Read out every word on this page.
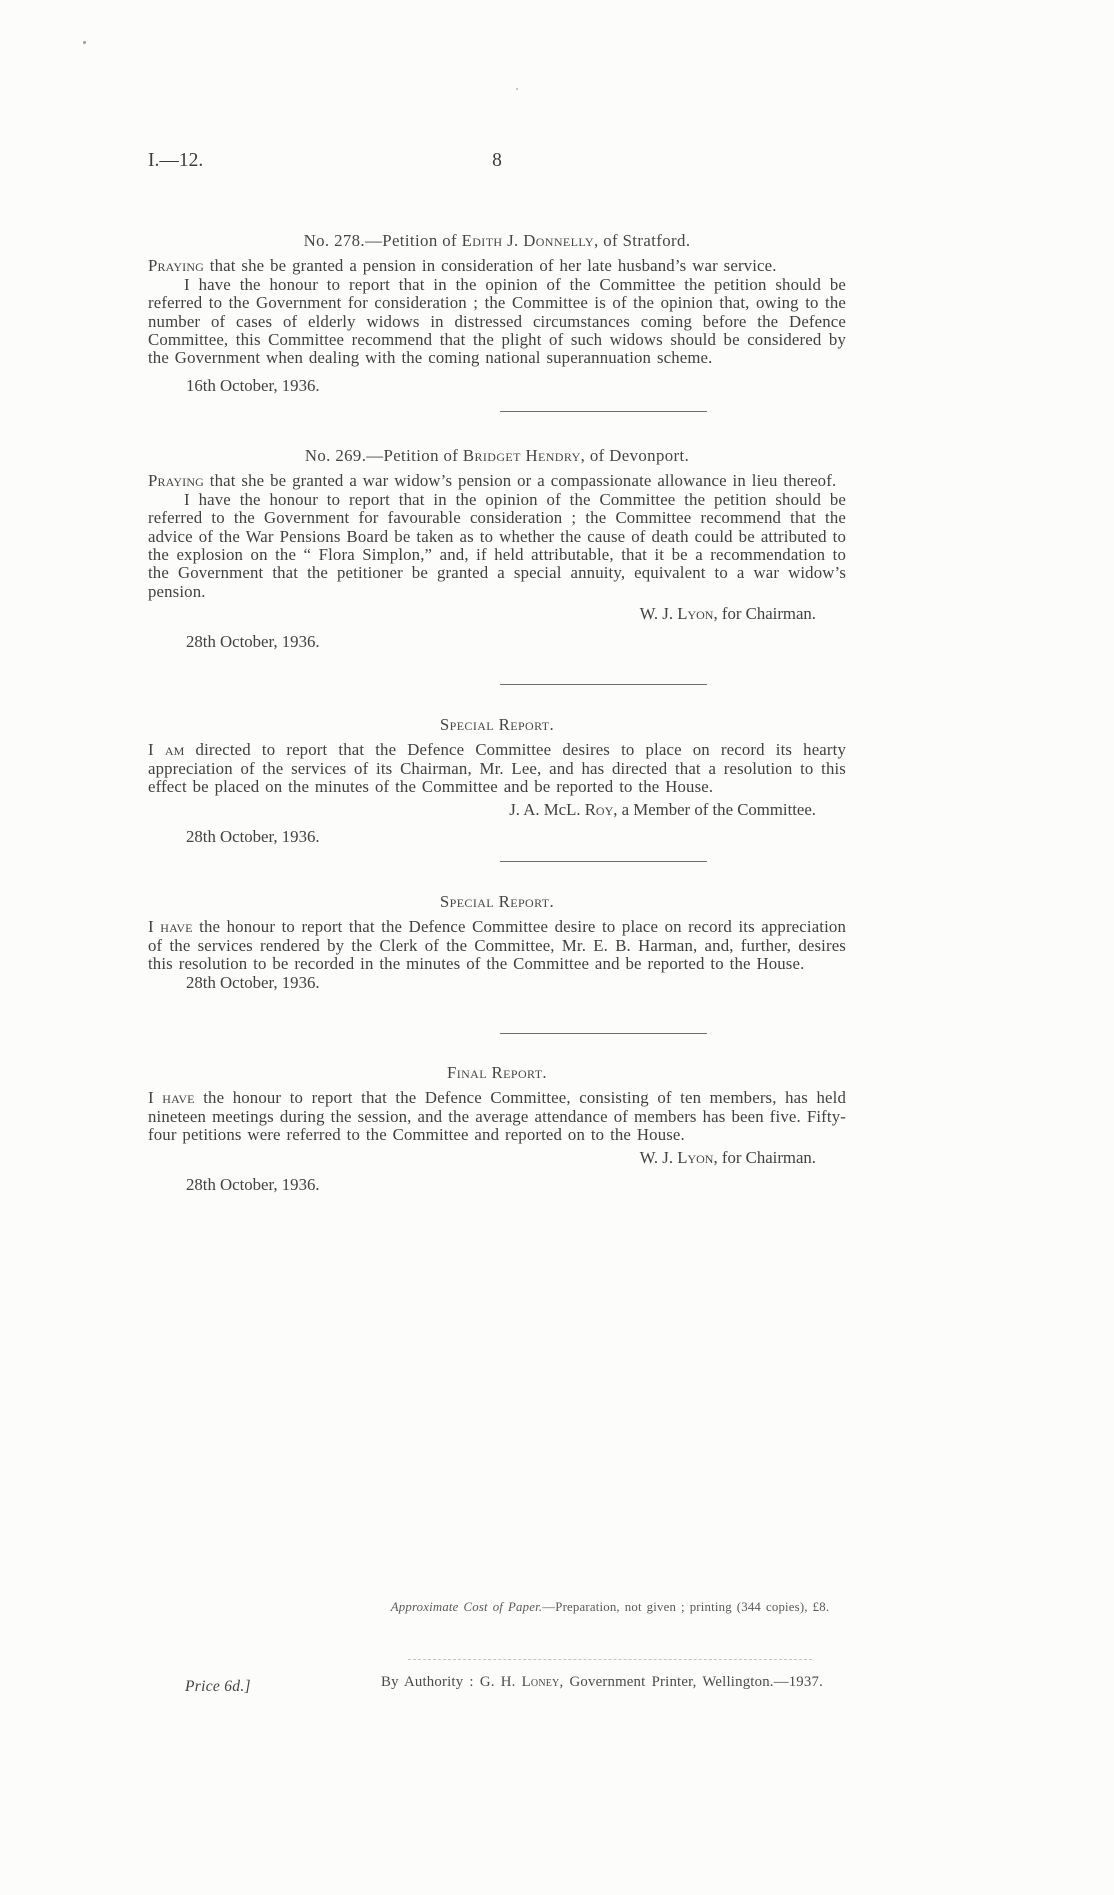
I.—12.	8

No. 278.—Petition of Edith J. Donnelly, of Stratford.

Praying that she be granted a pension in consideration of her late husband’s war service.

I have the honour to report that in the opinion of the Committee the petition should be referred to the Government for consideration ; the Committee is of the opinion that, owing to the number of cases of elderly widows in distressed circumstances coming before the Defence Committee, this Committee recommend that the plight of such widows should be considered by the Government when dealing with the coming national superannuation scheme.

16th October, 1936.

No. 269.—Petition of Bridget Hendry, of Devonport.

Praying that she be granted a war widow’s pension or a compassionate allowance in lieu thereof.

I have the honour to report that in the opinion of the Committee the petition should be referred to the Government for favourable consideration ; the Committee recommend that the advice of the War Pensions Board be taken as to whether the cause of death could be attributed to the explosion on the “ Flora Simplon,” and, if held attributable, that it be a recommendation to the Government that the petitioner be granted a special annuity, equivalent to a war widow’s pension.

W. J. Lyon, for Chairman.

28th October, 1936.

Special Report.

I am directed to report that the Defence Committee desires to place on record its hearty appreciation of the services of its Chairman, Mr. Lee, and has directed that a resolution to this effect be placed on the minutes of the Committee and be reported to the House.

J. A. McL. Roy, a Member of the Committee.

28th October, 1936.

Special Report.

I have the honour to report that the Defence Committee desire to place on record its appreciation of the services rendered by the Clerk of the Committee, Mr. E. B. Harman, and, further, desires this resolution to be recorded in the minutes of the Committee and be reported to the House.

28th October, 1936.

Final Report.

I have the honour to report that the Defence Committee, consisting of ten members, has held nineteen meetings during the session, and the average attendance of members has been five. Fifty-four petitions were referred to the Committee and reported on to the House.

W. J. Lyon, for Chairman.

28th October, 1936.

Approximate Cost of Paper.—Preparation, not given ; printing (344 copies), £8.
Price 6d.]	By Authority : G. H. Loney, Government Printer, Wellington.—1937.
